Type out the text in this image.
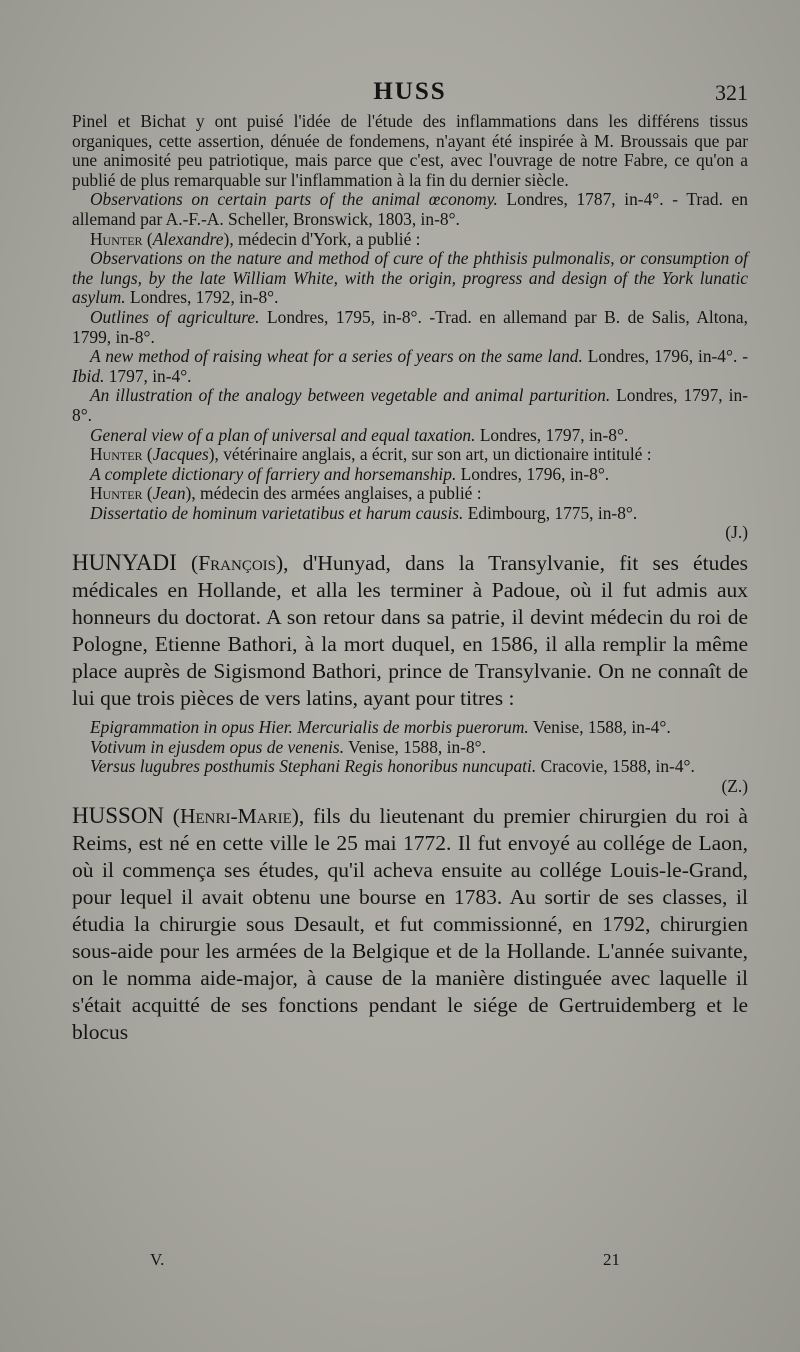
HUSS	321

Pinel et Bichat y ont puisé l'idée de l'étude des inflammations dans les différens tissus organiques, cette assertion, dénuée de fondemens, n'ayant été inspirée à M. Broussais que par une animosité peu patriotique, mais parce que c'est, avec l'ouvrage de notre Fabre, ce qu'on a publié de plus remarquable sur l'inflammation à la fin du dernier siècle.

Observations on certain parts of the animal œconomy. Londres, 1787, in-4°. - Trad. en allemand par A.-F.-A. Scheller, Bronswick, 1803, in-8°.

Hunter (Alexandre), médecin d'York, a publié :

Observations on the nature and method of cure of the phthisis pulmonalis, or consumption of the lungs, by the late William White, with the origin, progress and design of the York lunatic asylum. Londres, 1792, in-8°.

Outlines of agriculture. Londres, 1795, in-8°. -Trad. en allemand par B. de Salis, Altona, 1799, in-8°.

A new method of raising wheat for a series of years on the same land. Londres, 1796, in-4°. - Ibid. 1797, in-4°.

An illustration of the analogy between vegetable and animal parturition. Londres, 1797, in-8°.

General view of a plan of universal and equal taxation. Londres, 1797, in-8°.

Hunter (Jacques), vétérinaire anglais, a écrit, sur son art, un dictionaire intitulé :

A complete dictionary of farriery and horsemanship. Londres, 1796, in-8°.

Hunter (Jean), médecin des armées anglaises, a publié :

Dissertatio de hominum varietatibus et harum causis. Edimbourg, 1775, in-8°.

(J.)

HUNYADI (François), d'Hunyad, dans la Transylvanie, fit ses études médicales en Hollande, et alla les terminer à Padoue, où il fut admis aux honneurs du doctorat. A son retour dans sa patrie, il devint médecin du roi de Pologne, Etienne Bathori, à la mort duquel, en 1586, il alla remplir la même place auprès de Sigismond Bathori, prince de Transylvanie. On ne connaît de lui que trois pièces de vers latins, ayant pour titres :

Epigrammation in opus Hier. Mercurialis de morbis puerorum. Venise, 1588, in-4°.

Votivum in ejusdem opus de venenis. Venise, 1588, in-8°.

Versus lugubres posthumis Stephani Regis honoribus nuncupati. Cracovie, 1588, in-4°.

(Z.)

HUSSON (Henri-Marie), fils du lieutenant du premier chirurgien du roi à Reims, est né en cette ville le 25 mai 1772. Il fut envoyé au collége de Laon, où il commença ses études, qu'il acheva ensuite au collége Louis-le-Grand, pour lequel il avait obtenu une bourse en 1783. Au sortir de ses classes, il étudia la chirurgie sous Desault, et fut commissionné, en 1792, chirurgien sous-aide pour les armées de la Belgique et de la Hollande. L'année suivante, on le nomma aide-major, à cause de la manière distinguée avec laquelle il s'était acquitté de ses fonctions pendant le siége de Gertruidemberg et le blocus

V.	21
